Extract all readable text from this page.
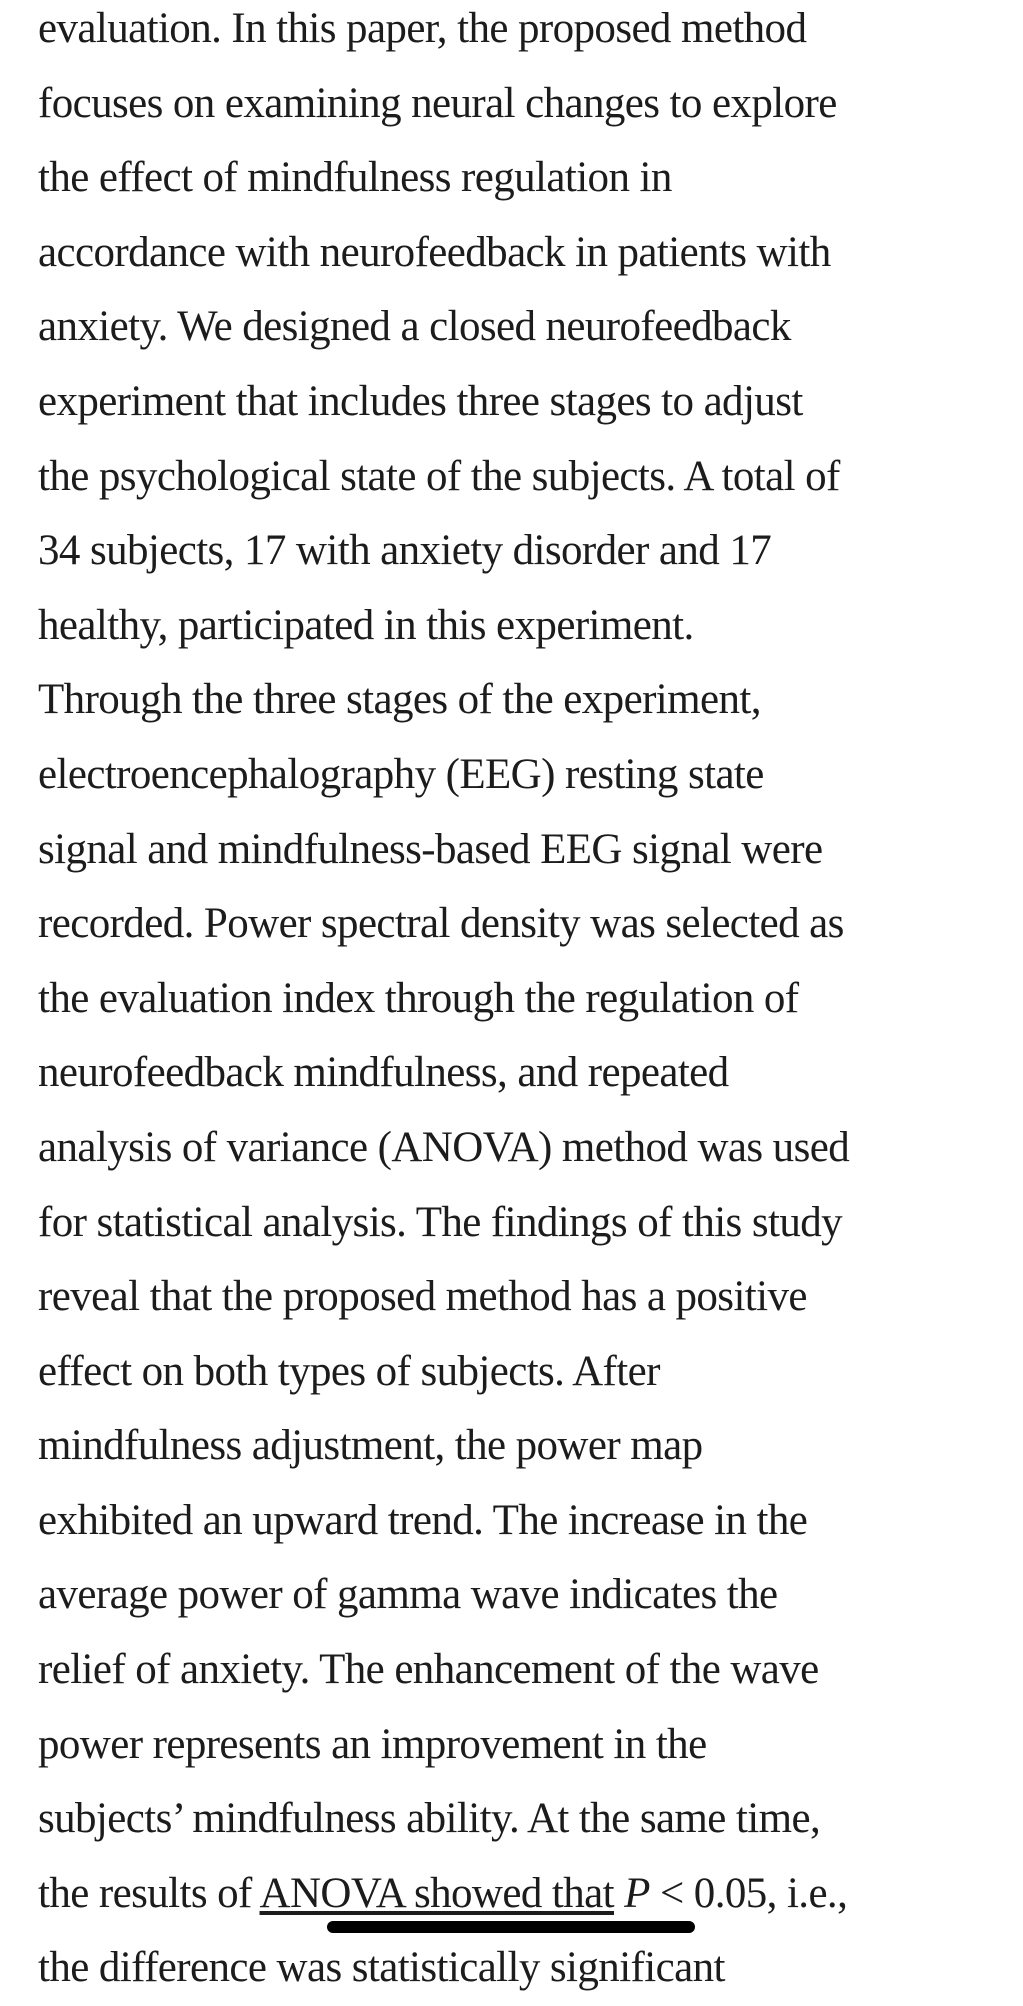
evaluation. In this paper, the proposed method
focuses on examining neural changes to explore
the effect of mindfulness regulation in
accordance with neurofeedback in patients with
anxiety. We designed a closed neurofeedback
experiment that includes three stages to adjust
the psychological state of the subjects. A total of
34 subjects, 17 with anxiety disorder and 17
healthy, participated in this experiment.
Through the three stages of the experiment,
electroencephalography (EEG) resting state
signal and mindfulness-based EEG signal were
recorded. Power spectral density was selected as
the evaluation index through the regulation of
neurofeedback mindfulness, and repeated
analysis of variance (ANOVA) method was used
for statistical analysis. The findings of this study
reveal that the proposed method has a positive
effect on both types of subjects. After
mindfulness adjustment, the power map
exhibited an upward trend. The increase in the
average power of gamma wave indicates the
relief of anxiety. The enhancement of the wave
power represents an improvement in the
subjects’ mindfulness ability. At the same time,
the results of ANOVA showed that P < 0.05, i.e.,
the difference was statistically significant
